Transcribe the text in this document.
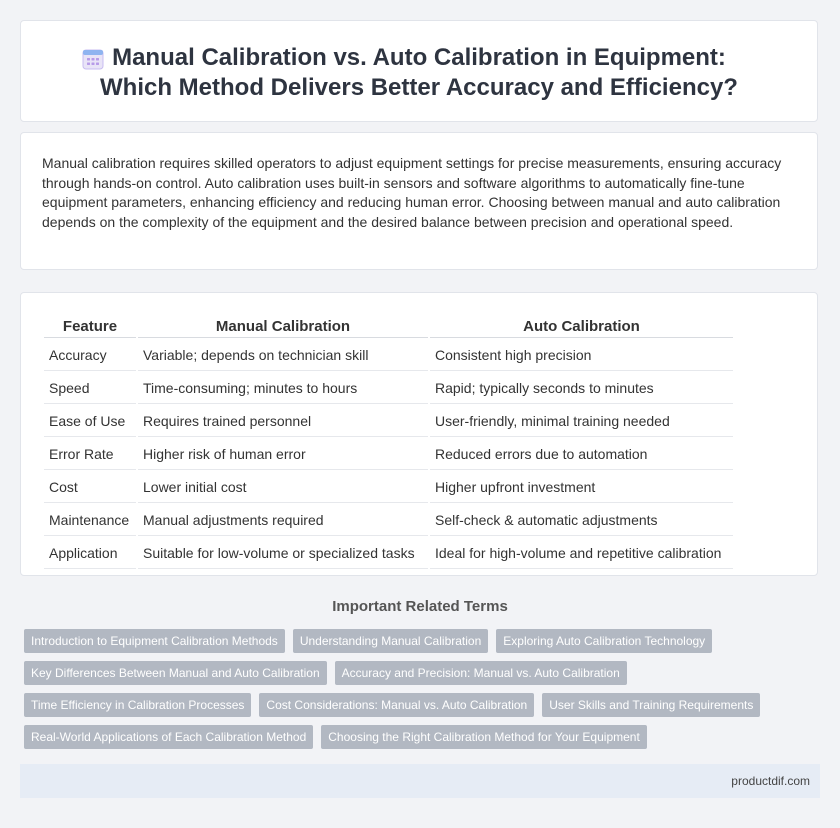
Manual Calibration vs. Auto Calibration in Equipment: Which Method Delivers Better Accuracy and Efficiency?

Manual calibration requires skilled operators to adjust equipment settings for precise measurements, ensuring accuracy through hands-on control. Auto calibration uses built-in sensors and software algorithms to automatically fine-tune equipment parameters, enhancing efficiency and reducing human error. Choosing between manual and auto calibration depends on the complexity of the equipment and the desired balance between precision and operational speed.

Feature	Manual Calibration	Auto Calibration
Accuracy	Variable; depends on technician skill	Consistent high precision
Speed	Time-consuming; minutes to hours	Rapid; typically seconds to minutes
Ease of Use	Requires trained personnel	User-friendly, minimal training needed
Error Rate	Higher risk of human error	Reduced errors due to automation
Cost	Lower initial cost	Higher upfront investment
Maintenance	Manual adjustments required	Self-check & automatic adjustments
Application	Suitable for low-volume or specialized tasks	Ideal for high-volume and repetitive calibration
Important Related Terms
Introduction to Equipment Calibration Methods	Understanding Manual Calibration	Exploring Auto Calibration Technology
Key Differences Between Manual and Auto Calibration	Accuracy and Precision: Manual vs. Auto Calibration
Time Efficiency in Calibration Processes	Cost Considerations: Manual vs. Auto Calibration	User Skills and Training Requirements
Real-World Applications of Each Calibration Method	Choosing the Right Calibration Method for Your Equipment
productdif.com
